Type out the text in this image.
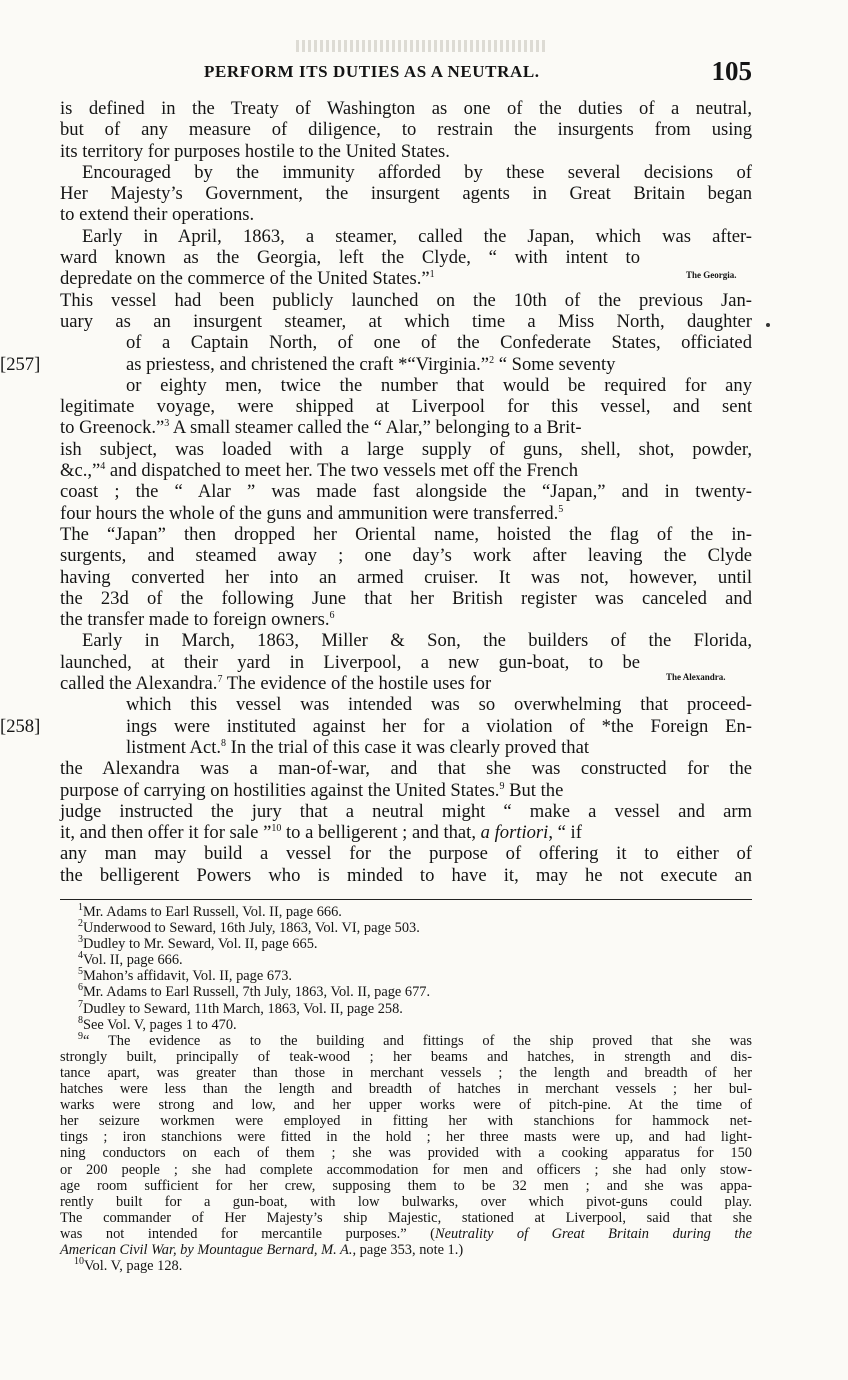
PERFORM ITS DUTIES AS A NEUTRAL.	105
The Georgia.
The Alexandra.
is defined in the Treaty of Washington as one of the duties of a neutral,
but of any measure of diligence, to restrain the insurgents from using
its territory for purposes hostile to the United States.
Encouraged by the immunity afforded by these several decisions of
Her Majesty’s Government, the insurgent agents in Great Britain began
to extend their operations.
Early in April, 1863, a steamer, called the Japan, which was after-
ward known as the Georgia, left the Clyde, “ with intent to
depredate on the commerce of the United States.”$^1$
This vessel had been publicly launched on the 10th of the previous Jan-
uary as an insurgent steamer, at which time a Miss North, daughter
of a Captain North, of one of the Confederate States, officiated
[257]	as priestess, and christened the craft *“Virginia.”$^2$ “ Some seventy
or eighty men, twice the number that would be required for any
legitimate voyage, were shipped at Liverpool for this vessel, and sent
to Greenock.”$^3$ A small steamer called the “ Alar,” belonging to a Brit-
ish subject, was loaded with a large supply of guns, shell, shot, powder,
&c.,”$^4$ and dispatched to meet her. The two vessels met off the French
coast ; the “ Alar ” was made fast alongside the “Japan,” and in twenty-
four hours the whole of the guns and ammunition were transferred.$^5$
The “Japan” then dropped her Oriental name, hoisted the flag of the in-
surgents, and steamed away ; one day’s work after leaving the Clyde
having converted her into an armed cruiser. It was not, however, until
the 23d of the following June that her British register was canceled and
the transfer made to foreign owners.$^6$
Early in March, 1863, Miller & Son, the builders of the Florida,
launched, at their yard in Liverpool, a new gun-boat, to be
called the Alexandra.$^7$ The evidence of the hostile uses for
which this vessel was intended was so overwhelming that proceed-
[258]	ings were instituted against her for a violation of *the Foreign En-
listment Act.$^8$ In the trial of this case it was clearly proved that
the Alexandra was a man-of-war, and that she was constructed for the
purpose of carrying on hostilities against the United States.$^9$ But the
judge instructed the jury that a neutral might “ make a vessel and arm
it, and then offer it for sale ”$^{10}$ to a belligerent ; and that, a fortiori, “ if
any man may build a vessel for the purpose of offering it to either of
the belligerent Powers who is minded to have it, may he not execute an
$^1$Mr. Adams to Earl Russell, Vol. II, page 666.
$^2$Underwood to Seward, 16th July, 1863, Vol. VI, page 503.
$^3$Dudley to Mr. Seward, Vol. II, page 665.
$^4$Vol. II, page 666.
$^5$Mahon’s affidavit, Vol. II, page 673.
$^6$Mr. Adams to Earl Russell, 7th July, 1863, Vol. II, page 677.
$^7$Dudley to Seward, 11th March, 1863, Vol. II, page 258.
$^8$See Vol. V, pages 1 to 470.
$^9$“ The evidence as to the building and fittings of the ship proved that she was
strongly built, principally of teak-wood ; her beams and hatches, in strength and dis-
tance apart, was greater than those in merchant vessels ; the length and breadth of her
hatches were less than the length and breadth of hatches in merchant vessels ; her bul-
warks were strong and low, and her upper works were of pitch-pine. At the time of
her seizure workmen were employed in fitting her with stanchions for hammock net-
tings ; iron stanchions were fitted in the hold ; her three masts were up, and had light-
ning conductors on each of them ; she was provided with a cooking apparatus for 150
or 200 people ; she had complete accommodation for men and officers ; she had only stow-
age room sufficient for her crew, supposing them to be 32 men ; and she was appa-
rently built for a gun-boat, with low bulwarks, over which pivot-guns could play.
The commander of Her Majesty’s ship Majestic, stationed at Liverpool, said that she
was not intended for mercantile purposes.” (Neutrality of Great Britain during the
American Civil War, by Mountague Bernard, M. A., page 353, note 1.)
$^{10}$Vol. V, page 128.
